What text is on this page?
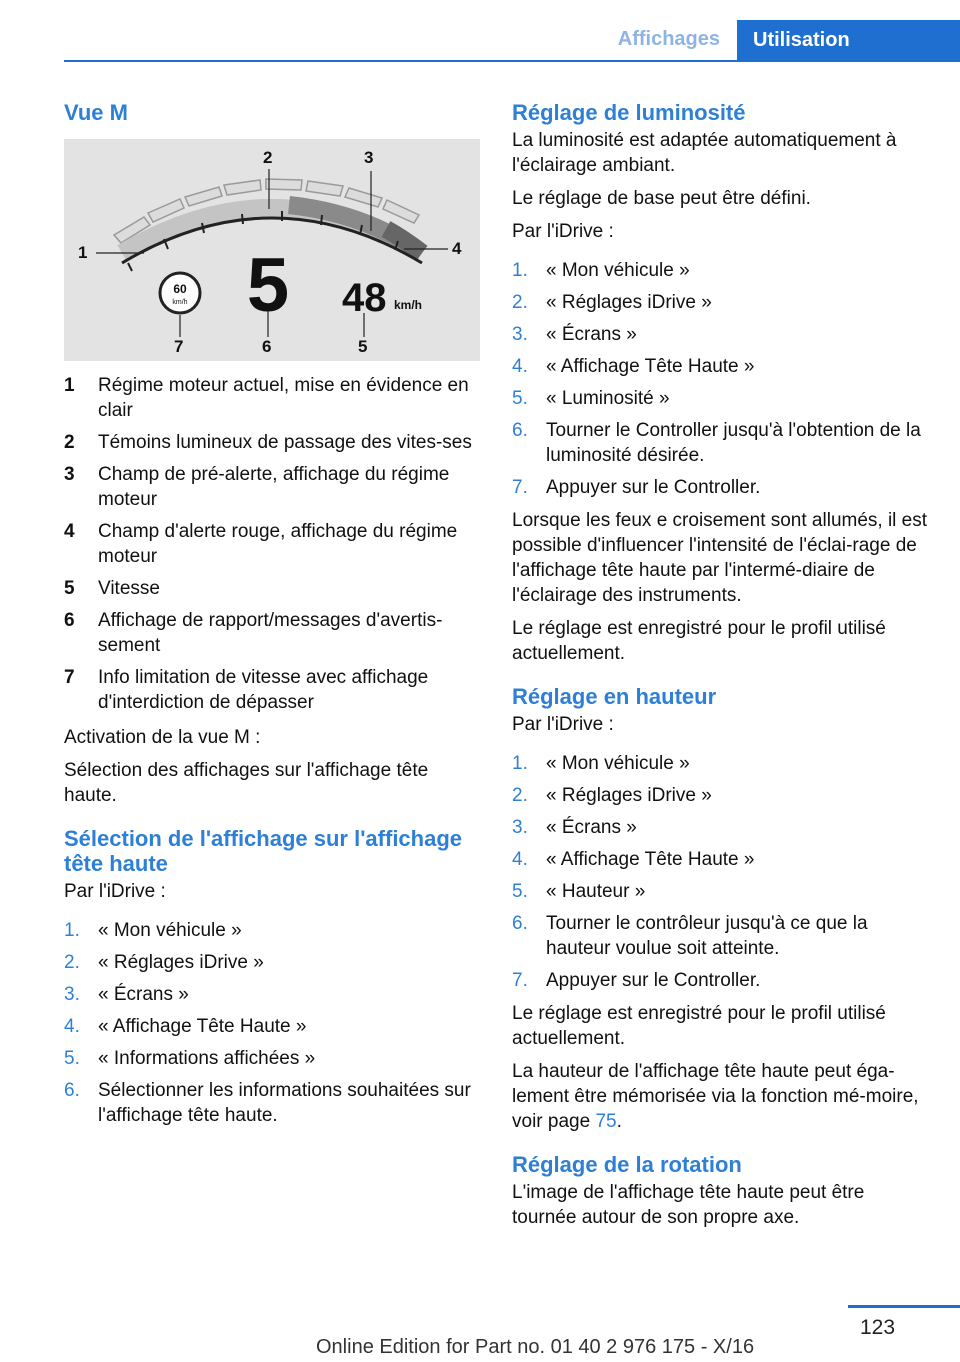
Affichages	Utilisation
Vue M
1
2	3
4
5
6
7
60
km/h 5 48 km/h
1	Régime moteur actuel, mise en évidence en clair
2	Témoins lumineux de passage des vites-ses
3	Champ de pré-alerte, affichage du régime moteur
4	Champ d'alerte rouge, affichage du régime moteur
5	Vitesse
6	Affichage de rapport/messages d'avertis-sement
7	Info limitation de vitesse avec affichage d'interdiction de dépasser

Activation de la vue M :

Sélection des affichages sur l'affichage tête haute.

Sélection de l'affichage sur l'affichage tête haute

Par l'iDrive :

1. « Mon véhicule »
2. « Réglages iDrive »
3. « Écrans »
4. « Affichage Tête Haute »
5. « Informations affichées »
6. Sélectionner les informations souhaitées sur l'affichage tête haute.
Réglage de luminosité

La luminosité est adaptée automatiquement à l'éclairage ambiant.

Le réglage de base peut être défini.

Par l'iDrive :

1. « Mon véhicule »
2. « Réglages iDrive »
3. « Écrans »
4. « Affichage Tête Haute »
5. « Luminosité »
6. Tourner le Controller jusqu'à l'obtention de la luminosité désirée.
7. Appuyer sur le Controller.

Lorsque les feux e croisement sont allumés, il est possible d'influencer l'intensité de l'éclai-rage de l'affichage tête haute par l'intermé-diaire de l'éclairage des instruments.

Le réglage est enregistré pour le profil utilisé actuellement.

Réglage en hauteur

Par l'iDrive :

1. « Mon véhicule »
2. « Réglages iDrive »
3. « Écrans »
4. « Affichage Tête Haute »
5. « Hauteur »
6. Tourner le contrôleur jusqu'à ce que la hauteur voulue soit atteinte.
7. Appuyer sur le Controller.

Le réglage est enregistré pour le profil utilisé actuellement.

La hauteur de l'affichage tête haute peut éga-lement être mémorisée via la fonction mé-moire, voir page 75.

Réglage de la rotation

L'image de l'affichage tête haute peut être tournée autour de son propre axe.

123
Online Edition for Part no. 01 40 2 976 175 - X/16
